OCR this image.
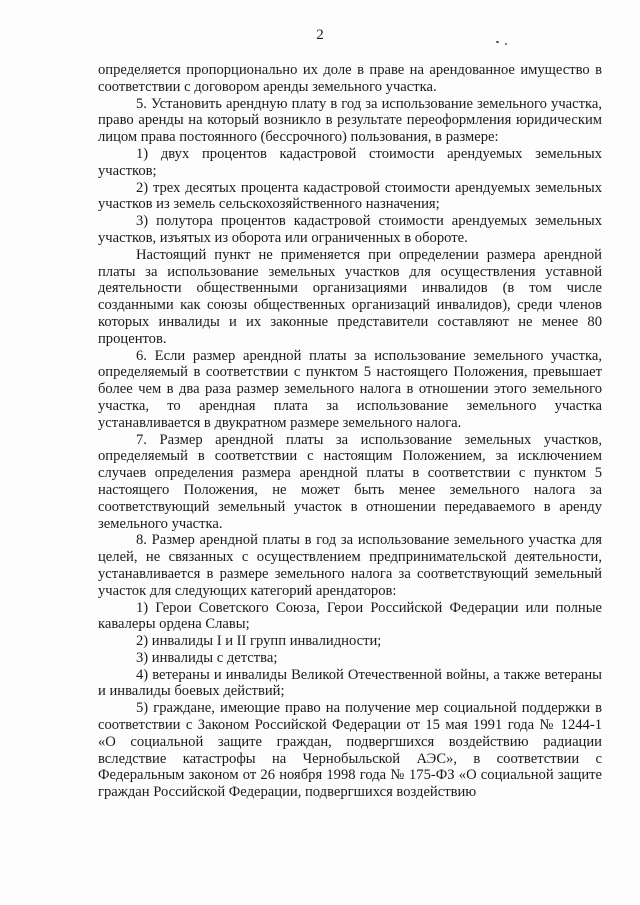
2

определяется пропорционально их доле в праве на арендованное имущество в соответствии с договором аренды земельного участка.

5. Установить арендную плату в год за использование земельного участка, право аренды на который возникло в результате переоформления юридическим лицом права постоянного (бессрочного) пользования, в размере:

1) двух процентов кадастровой стоимости арендуемых земельных участков;

2) трех десятых процента кадастровой стоимости арендуемых земельных участков из земель сельскохозяйственного назначения;

3) полутора процентов кадастровой стоимости арендуемых земельных участков, изъятых из оборота или ограниченных в обороте.

Настоящий пункт не применяется при определении размера арендной платы за использование земельных участков для осуществления уставной деятельности общественными организациями инвалидов (в том числе созданными как союзы общественных организаций инвалидов), среди членов которых инвалиды и их законные представители составляют не менее 80 процентов.

6. Если размер арендной платы за использование земельного участка, определяемый в соответствии с пунктом 5 настоящего Положения, превышает более чем в два раза размер земельного налога в отношении этого земельного участка, то арендная плата за использование земельного участка устанавливается в двукратном размере земельного налога.

7. Размер арендной платы за использование земельных участков, определяемый в соответствии с настоящим Положением, за исключением случаев определения размера арендной платы в соответствии с пунктом 5 настоящего Положения, не может быть менее земельного налога за соответствующий земельный участок в отношении передаваемого в аренду земельного участка.

8. Размер арендной платы в год за использование земельного участка для целей, не связанных с осуществлением предпринимательской деятельности, устанавливается в размере земельного налога за соответствующий земельный участок для следующих категорий арендаторов:

1) Герои Советского Союза, Герои Российской Федерации или полные кавалеры ордена Славы;

2) инвалиды I и II групп инвалидности;

3) инвалиды с детства;

4) ветераны и инвалиды Великой Отечественной войны, а также ветераны и инвалиды боевых действий;

5) граждане, имеющие право на получение мер социальной поддержки в соответствии с Законом Российской Федерации от 15 мая 1991 года № 1244-1 «О социальной защите граждан, подвергшихся воздействию радиации вследствие катастрофы на Чернобыльской АЭС», в соответствии с Федеральным законом от 26 ноября 1998 года № 175-ФЗ «О социальной защите граждан Российской Федерации, подвергшихся воздействию
